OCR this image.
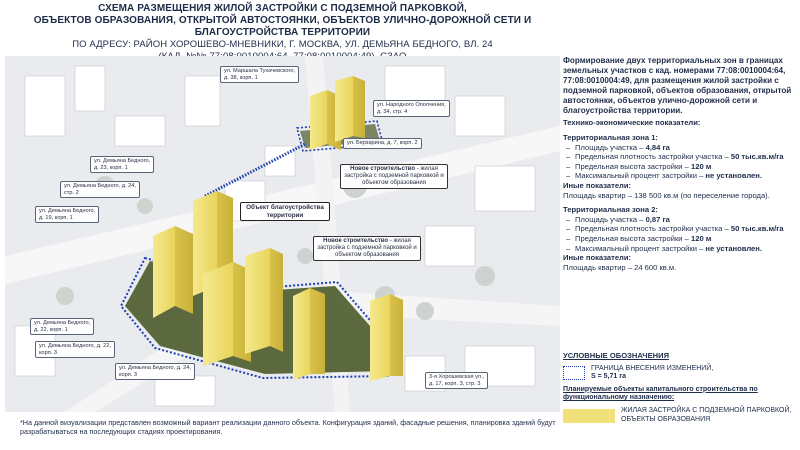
СХЕМА РАЗМЕЩЕНИЯ ЖИЛОЙ ЗАСТРОЙКИ С ПОДЗЕМНОЙ ПАРКОВКОЙ,
ОБЪЕКТОВ ОБРАЗОВАНИЯ, ОТКРЫТОЙ АВТОСТОЯНКИ, ОБЪЕКТОВ УЛИЧНО-ДОРОЖНОЙ СЕТИ И БЛАГОУСТРОЙСТВА ТЕРРИТОРИИ
ПО АДРЕСУ: РАЙОН ХОРОШЕВО-МНЕВНИКИ, Г. МОСКВА, УЛ. ДЕМЬЯНА БЕДНОГО, ВЛ. 24
ул. Маршала Тухачевского,
д. 38, корп. 1
ул. Народного Ополчения,
д. 34, стр. 4
ул. Берзарина, д. 7, корп. 2
ул. Демьяна Бедного,
д. 23, корп. 1
ул. Демьяна Бедного, д. 24,
стр. 2
ул. Демьяна Бедного,
д. 19, корп. 1
ул. Демьяна Бедного,
д. 22, корп. 1
ул. Демьяна Бедного, д. 22,
корп. 3
ул. Демьяна Бедного, д. 24,
корп. 3	3-я Хорошевская ул.,
д. 17, корп. 3, стр. 3
Новое строительство - жилая застройка с подземной парковкой и объектом образования
Объект благоустройства территории
Новое строительство - жилая застройка с подземной парковкой и объектом образования
*На данной визуализации представлен возможный вариант реализации данного объекта. Конфигурация зданий, фасадные решения, планировка зданий будут разрабатываться на последующих стадиях проектирования.
Формирование двух территориальных зон в границах земельных участков с кад. номерами 77:08:0010004:64, 77:08:0010004:49, для размещения жилой застройки с подземной парковкой, объектов образования, открытой автостоянки, объектов улично-дорожной сети и благоустройства территории.
Технико-экономические показатели:
Территориальная зона 1:
– Площадь участка – 4,84 га
– Предельная плотность застройки участка – 50 тыс.кв.м/га
– Предельная высота застройки – 120 м
– Максимальный процент застройки – не установлен.
Иные показатели:
Площадь квартир – 138 500 кв.м (по переселение города).
Территориальная зона 2:
– Площадь участка – 0,87 га
– Предельная плотность застройки участка – 50 тыс.кв.м/га
– Предельная высота застройки – 120 м
– Максимальный процент застройки – не установлен.
Иные показатели:
Площадь квартир – 24 600 кв.м.
УСЛОВНЫЕ ОБОЗНАЧЕНИЯ
ГРАНИЦА ВНЕСЕНИЯ ИЗМЕНЕНИЙ,
S = 5,71 га
Планируемые объекты капитального строительства по функциональному назначению:
ЖИЛАЯ ЗАСТРОЙКА С ПОДЗЕМНОЙ ПАРКОВКОЙ, ОБЪЕКТЫ ОБРАЗОВАНИЯ
